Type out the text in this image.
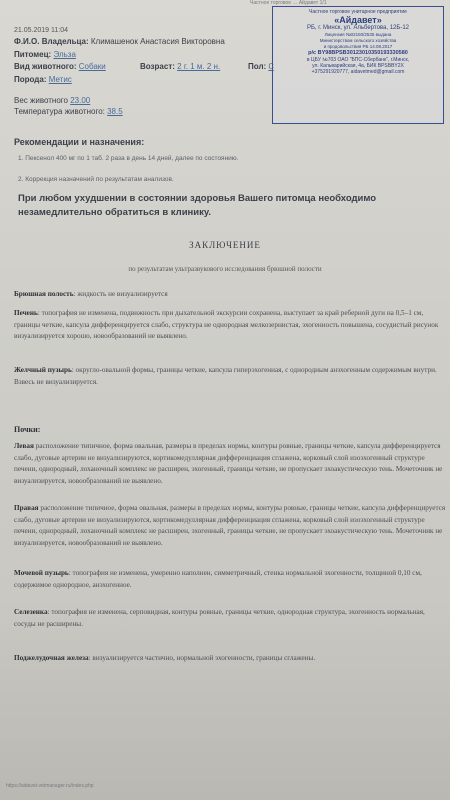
Частное торговое … Айдавет 1/1
21.05.2019 11:04
Ф.И.О. Владельца: Климашенок Анастасия Викторовна
Питомец: Эльза
Вид животного: Собаки	Возраст: 2 г. 1 м. 2 н.	Пол: С
Порода: Метис
Вес животного 23.00
Температура животного: 38.5
Частное торговое унитарное предприятие
«Айдавет»
РБ, г. Минск, ул. Альбертова, 12Б-12
Лицензия №02150/2535 выдана
Министерством сельского хозяйства
и продовольствия РБ 14.08.2017
р/с BY98BPSB30123010350193330580
в ЦБУ №703 ОАО "БПС-Сбербанк", г.Минск,
ул. Кальварийская, 4а, БИК BPSBBY2X
+375291920777, aidavetmed@gmail.com
Рекомендации и назначения:
1. Пексенол 400 мг по 1 таб. 2 раза в день 14 дней, далее по состоянию.
2. Коррекция назначений по результатам анализов.
При любом ухудшении в состоянии здоровья Вашего питомца необходимо незамедлительно обратиться в клинику.
ЗАКЛЮЧЕНИЕ
по результатам ультразвукового исследования брюшной полости
Брюшная полость: жидкость не визуализируется
Печень: топография не изменена, подвижность при дыхательной экскурсии сохранена, выступает за край реберной дуги на 0,5–1 см, границы четкие, капсула дифференцируется слабо, структура не однородная мелкозернистая, эхогенность повышена, сосудистый рисунок визуализируется хорошо, новообразований не выявлено.
Желчный пузырь: округло-овальной формы, границы четкие, капсула гиперэхогенная, с однородным анэхогенным содержимым внутри. Взвесь не визуализируется.
Почки:
Левая расположение типичное, форма овальная, размеры в пределах нормы, контуры ровные, границы четкие, капсула дифференцируется слабо, дуговые артерии не визуализируются, кортикомедуллярная дифференциация сглажена, корковый слой изоэхогенный структуре печени, однородный, лоханочный комплекс не расширен, эхогенный, границы четкие, не пропускает эхоакустическую тень. Мочеточник не визуализируется, новообразований не выявлено.
Правая расположение типичное, форма овальная, размеры в пределах нормы, контуры ровные, границы четкие, капсула дифференцируется слабо, дуговые артерии не визуализируются, кортикомедуллярная дифференциация сглажена, корковый слой изоэхогенный структуре печени, однородный, лоханочный комплекс не расширен, эхогенный, границы четкие, не пропускает эхоакустическую тень. Мочеточник не визуализируется, новообразований не выявлено.
Мочевой пузырь: топография не изменена, умеренно наполнен, симметричный, стенка нормальной эхогенности, толщиной 0,10 см, содержимое однородное, анэхогенное.
Селезенка: топография не изменена, серповидная, контуры ровные, границы четкие, однородная структура, эхогенность нормальная, сосуды не расширены.
Поджелудочная железа: визуализируется частично, нормальной эхогенности, границы сглажены.
https://aidavet.vetmanager.ru/index.php
